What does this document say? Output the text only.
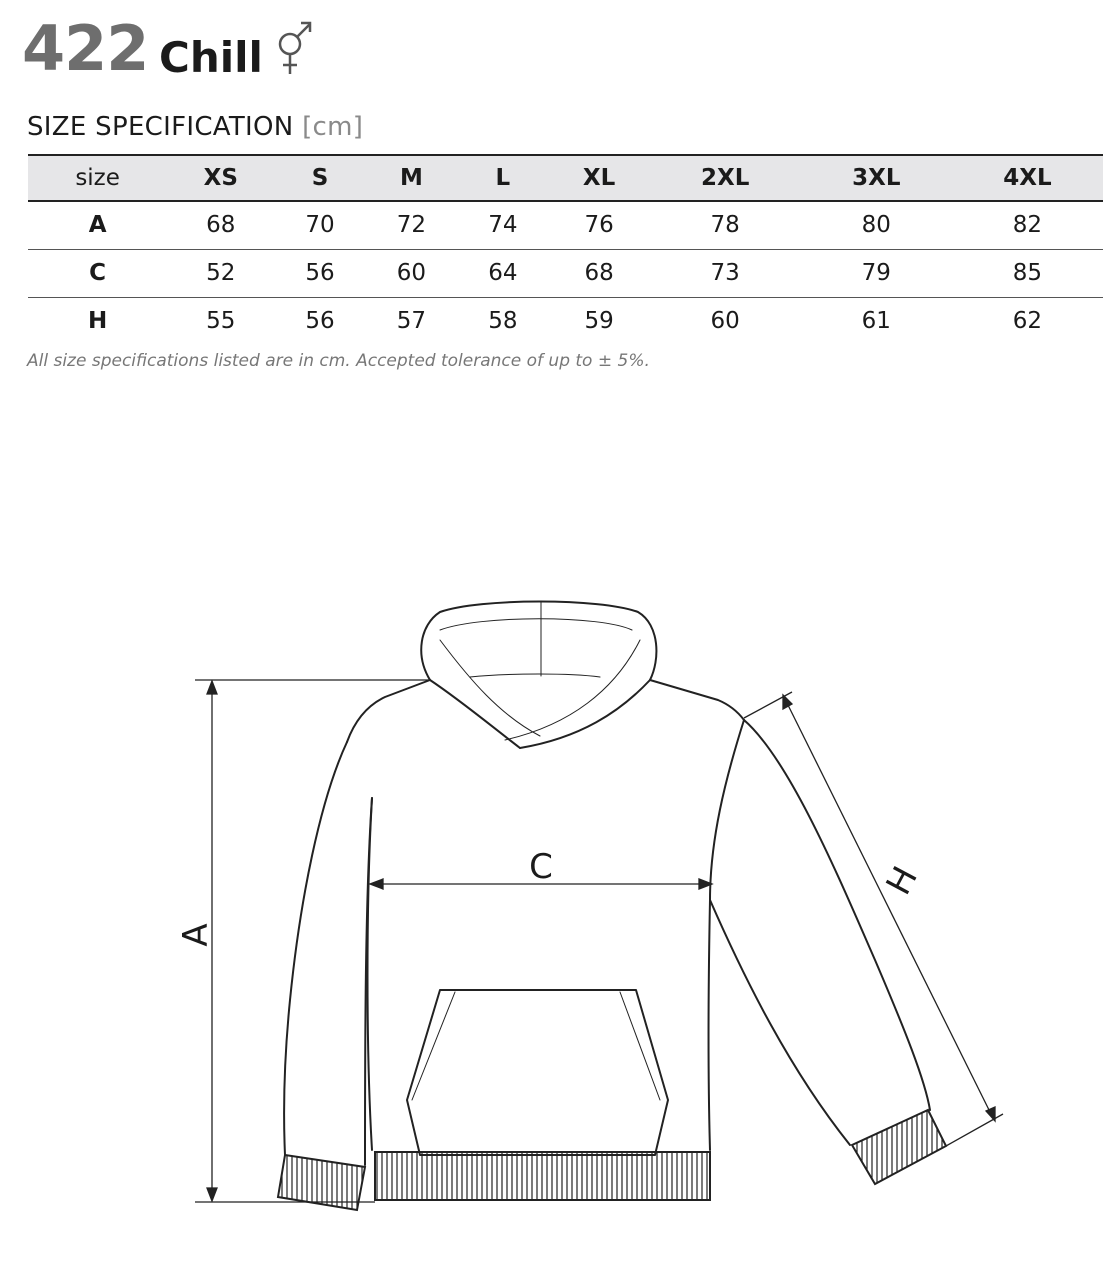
422 Chill
SIZE SPECIFICATION [cm]
size	XS	S	M	L	XL	2XL	3XL	4XL
A	68	70	72	74	76	78	80	82
C	52	56	60	64	68	73	79	85
H	55	56	57	58	59	60	61	62
All size specifications listed are in cm. Accepted tolerance of up to ± 5%.
A
C	H
